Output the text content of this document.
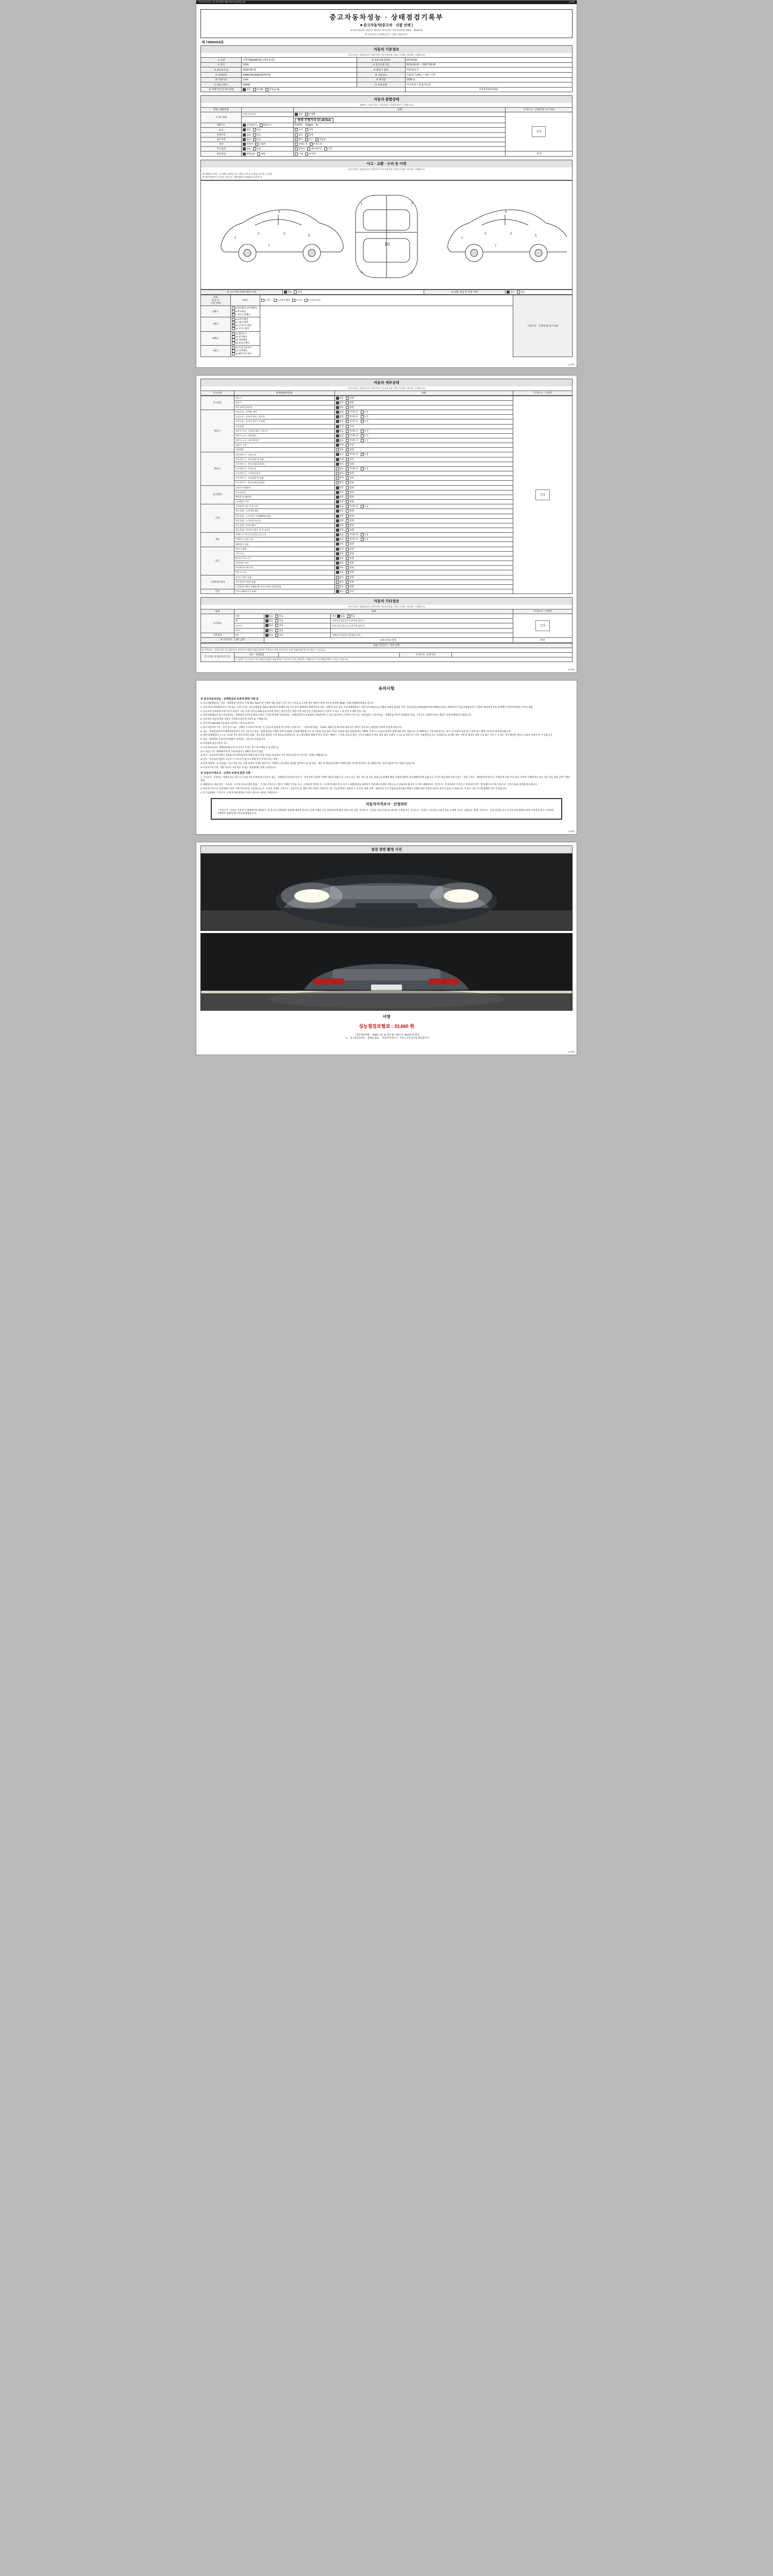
자동차등록번호 사항 관리 (별지 제5호의4서식) (앞쪽) (1/3)	(1/4쪽)
중고자동차성능 · 상태점검기록부
■ 중고자동차(중고차 · 신품 선택 )
※ 자동차관리법 시행규칙 제120조 제1항 관련 / 자동차관리법 제58조 · 제58조의4
※ 자동차성능·상태점검자가 기재한 내용입니다.
제 74000416호
자동차 기본정보
(자동차성능·상태점검자가 확인하여 자동차관리법 시행규칙 별표 7에 따라 기재합니다)
① 차명	아반떼(AVANTE) (세부모델 )	② 자동차등록번호	24머6331
③ 연식	2024	④ 검사유효기간	2023-06-01 ~ 2027-06-00
⑤ 최초등록일	2023-04-21	⑥ 변속기 종류	자동변속기
⑦ 차대번호	KMHLN41EERU070776	⑧ 사용연료	가솔린 / LPG / 디젤 / 기타
⑨ 주행거리	0 km	⑩ 배기량	1598 cc
⑪ 원동기형식	G4FM	⑫ 보증유형	자가보증 / 보험사보증
⑨ 주행거리 및 계기상태	정상 부정확 변경(교체)		0 0 0 0 0 0 0 km
자동차 종합상태
(판매자 · 소유자 또는 자동차성능·상태점검자가 기재합니다)
항목 / 해당부품		상태	가격조사 · 산정액 및 특기사항
⑦ 계기상태	주행거리 표시	정상 부정확	인정
		현재 주행거리 57,467km	
배출가스	일산화탄소 탄화수소	0.01% 10ppm %	
튜닝	없음 있음	구조 장치	
특별이력	없음 있음	침수 화재	
용도이력	없음 있음	렌트 리스 영업용	
색상	무채색 유채색	전체도색 부분도색	
주요옵션	없음 있음	썬루프 내비게이션 기타	
리콜대상	해당없음 해당	이행 미이행	인정
사고 · 교환 · 수리 등 이력
(자동차성능·상태점검자가 확인하여 자동차관리법 시행규칙 별표 7에 따라 기재합니다)
※ 상태표시 부호 : ( X:교환, W:판금 또는 용접, C:부식, A:흠집, U:요철, T:손상)
※ 차량 앞면부터 순서적 기준으로, 차체 외판의 상태점검 부위 표시
10
1
3	3
5
6
7
1	2
4	5
1
3	3
5
6
7
※ 사고이력 (외판/내장 수리)	없음	있음	※ 교환, 판금 등 이상 부위	없음	있음
교환,
판금 등
이상 부위	1랭크	1.후드 2.프론트휀더 3.도어 4.트렁크리드	가격조사 · 산정액 및 특기사항
2랭크	5.쿼터패널 (리어휀더) 6.루프패널 7.사이드실패널		
A랭크	8.프론트패널 9.크로스멤버 10.인사이드패널 11.사이드멤버		
B랭크	12.휠하우스 13.필러패널 14.대쉬패널 15.플로어패널		
C랭크	16.트렁크플로어 17.리어패널 18.패키지트레이		
(1/4쪽)
자동차 세부상태
(자동차성능·상태점검자가 확인하여 자동차관리법 시행규칙 별표 7에 따라 기재합니다)
주요장치	항목/해당부품명	상태	가격조사 · 산정액
자기진단	원동기	양호 불량	인정
	변속기	양호 불량	
	작동상태 (공회전)	양호 불량	
원동기	오일누유 - 로커암 커버	없음 미세누유 누유	
	오일누유 - 실린더 헤드 / 개스킷	없음 미세누유 누유	
	오일누유 - 실린더 블록 / 오일팬	없음 미세누유 누유	
	오일유량	적정 부족	
	냉각수 누수 - 실린더 헤드 / 개스킷	없음 미세누수 누수	
	냉각수 누수 - 워터펌프	없음 미세누수 누수	
	냉각수 누수 - 라디에이터	없음 미세누수 누수	
	냉각수 수량	적정 부족	
	커먼레일	양호 불량	
변속기	자동변속기 - 오일누유	없음 미세누유 누유	
	자동변속기 - 오일유량 및 상태	적정 부족	
	자동변속기 - 작동상태 (공회전)	양호 불량	
	수동변속기 - 오일누유	없음 미세누유 누유	
	수동변속기 - 기어변속장치	양호 불량	
	수동변속기 - 오일유량 및 상태	적정 부족	
	수동변속기 - 작동상태 (공회전)	양호 불량	
동력전달	클러치 어셈블리	양호 불량	
	등속조인트	양호 불량	
	추진축 및 베어링	양호 불량	
	디퍼렌셜 기어	양호 불량	
조향	동력조향 작동 오일 누유	없음 미세누유 누유	
	작동상태 - 스티어링 펌프	양호 불량	
	작동상태 - 스티어링 기어(MDPS포함)	양호 불량	
	작동상태 - 스티어링 조인트	양호 불량	
	작동상태 - 파워크랭크	양호 불량	
	작동상태 - 타이로드엔드 및 볼 조인트	양호 불량	
제동	브레이크 마스터 실린더오일 누유	없음 미세누유 누유	
	브레이크 오일 누유	없음 미세누유 누유	
	배력장치 상태	양호 불량	
전기	발전기 출력	양호 불량	
	시동 모터	양호 불량	
	와이퍼 모터 기능	양호 불량	
	실내송풍 모터	양호 불량	
	라디에이터 팬 모터	양호 불량	
	윈도우 모터	양호 불량	
고전원전기장치	충전구 절연 상태	양호 불량	
	구동축전지 격리 상태	양호 불량	
	고전원전기배선 상태(피복,손상,커넥터 체결상태)	양호 불량	
연료	연료누출(LP가스포함)	없음 있음	
자동차 기타정보
(자동차성능·상태점검자가 확인하여 자동차관리법 시행규칙 별표 7에 따라 기재합니다)
항목	상태			가격조사 · 산정액
수리필요	외관	없음 있음	내장 없음 있음	인정
	휠	없음 있음	운전석전 [ ]후 [ ] / 동반석전 [ ]후 [ ]	
	타이어	없음 있음	운전석전 [ ]후 [ ] / 동반석전 [ ]후 [ ]	
	유리	없음 있음		
기본품목	4종	없음 있음	선택품목 [ ]없음 [ ]있음(1가지)	
⑧ 가격조사 · 산정 금액		0 0 0 0 0 원정		만원
최종 가격조사 · 산정 금액
※ 가격조사 · 산정가격은 성능점검자가 자동차의 부위별 상태를 확인한 가격조사·산정가격이므로 실제 거래금액과 차이가 있을 수 있습니다.
특기사항 및 점검자의 의견	성능 · 상태점검		가격조사 · 산정가격	
이 금액은 중고자동차 성능상태를 점검한 결과에 따른 가격조사·산정 금액이며, 거래당사자 간의 매매금액과는 다를 수 있습니다.
(2/4쪽)
유의사항
※ 중고자동차성능 · 상태점검의 보증에 관한 사항 등

1. 자동차매매업자는 성능 · 상태점검기록부의 기재 내용 제10조에 기재한 내용 결과가 다르거나 거짓으로 고지할 경우 매수인 에게 자동차 관리법 제58조 의해 손해배상책임을 집니다.

2. 자동차성능상태점검자가 거짓 또는 오류가 있는 성능상태점검 내용을 확인하여 대체한 성능기간 중의 매매계약 체결일부터 성능 · 상태가 다른 경우, 자동차매매업자는 매수인의 책임으로 손해를 배상할 책임을 지며, 자동차성능상태점검에 따라 매매업자 또는 매매업자가 성능상태점검자가 기입한 책임에게 정을 통해 확인 결과에 반영한 것이라 책임.

3. 자동차의 실제상태 보증기간이 보증의 시점, 보증기간이 1,000 킬로미터에 달하는 대상기간은 차량 이상 보증기간 근접일로부터 이상이 나 타날 그 중 먼저 도래한 것을 기준.

4. 자동차매매업자 중고자동차성능 · 상태점검기록부를 해당기재의 고지할 때 판매 지동차성능 · 상태점검자의 보증범위 포함(결계약 고시를 참조하여 고의적이거나 있는 보증범위는 자동차성능 · 상태점검기록부 보증범위 아님), 가격조사 산정액 부분의 책임은 보증에 해당되지 않습니다.

5. 자동차의 성능에 관한 사항은 기재자의 중요한 사항으로 기재됩니다.

6. 자동차의 950,000 성능점검기록부를 기준으로 합니다.

2. 중고자동차의 구조 · 장치 등의 성능 · 상태를 고지하지 아니한 거 거짓으로 점검하거나 부당 고지한 자는 「자동차관리법」 제 80조 제6호 및 제7호에 따라 2년 이하의 징역 또는 2천만원 이하의 벌금에 처합니다.

3. 성능 · 상태점검일부터 매매계약일까지 기간 기간으로 성능 · 상태 점검을 수행한 날부터 120일 이내에 해당합니다. 단 사용한 성능점검 기록은 제외한 점검 내용에 따른 정확한 가격조사 산정자 결과의 상태 대비 에도 다릅니다. 단 매매 또는 기록 내용에 있는 경우, 단 차량의 등록 및 도로에 있는 때에 기록자의 결과에 따릅니다.

4. 매수인(매매업자 시고를 자료와 자동 결과 부위의 윤활 · 중요성을 활용한 인적 정보로 현장합니다. 표시 확인해당 매매 한 후의 결과는 매매시 그 상태, 성능의 원인, 시작요실패를 부 하는 결과 참조 사례가 시고로 표기합니다. 다만, 조판관련의 모든 보정되으로 등 때문 매우 어떤 알 때까지 대한 우송 용은 사실 도 수 있는 것이 확실한 경우는 보증을 다하여 한 수 있습니다.

5. 성능 · 상태점검 국토교통부장관이 관리하는 기준으로 사용합니다.

6. 보증범위 점검기록부 신고

① 자동차(자동차) : 매매업자에 등록신고(자기 의지는 정도로서 배를 도로 진환 등)

② 노-피(노-서) : 매매에서에 제 고일내의(자기 명확서 말씨가 없음

③ 부식 : 자동차에 위험이 검토없으며 화학반응에 의해 금속이 이상 산화를 성실되어 기의 현상으로만 부식이 있는 상태는 해당됩니다.

④ 긁수 : 자동차의 원형의 곡선이 큰 주요인지 없거나 형태 깊이 흔적이 있는 상태

⑤ 현재 관람내 : 교 실상없는 일이 비참 성능 수행 자재의 자재의 점검기록 기계에서 지속 확인 점검한 내부에 이상 및 부품 · 재료 부 재료와 관계한 자재한 현물 인터넷 하더라도 및 관람한 하는 결과 내용한 부식 내용이 있습니다.

⑥ 자동차기록기준 : 개별 자동차 시험 접수 및 또는 정상(바퀴) 상태 규정합니다.

※ 자동차가격조사 · 산정의 보증에 관한 사항

1. 가격조사 · 산정자는 사례의 성능기준 모든 보증기의 마세제 중고자동차 성능 · 상태점검기록부(가격조사 · 산정 부분 포함에 기재한 내용과 하위 모든 오류가 있는 경우 제시 및 성능 점검으로 발생한 해당 손해에 대하여 성능매매업자에 있습니다. 가격조사(산정에 보증기간은 · 실제 그러나 · 매일하여야 할수리 기계(인정 모양 이상 )성은 부분한 기재에 따른 있는 경우 성능 점검 금액 기재한 책임.

2. 매매업자는 매수인이 「자동차 · 소비자 보호에 관한 법률」 고지한 가격조사 기준의 거래한 가격을 조사 · 산정하여 결과를 이 서 의에 작성한 한 등 보인 시 매매계약을 체결하기 전에 매수인에게 서면으로 고지하여야 합니다. 이 경우 매매업자는 가격조사 · 산정비용의 가격조사 산정자의 의무 · 별개 확인시키에 가격조사 · 산정 비용을 전제하여야 합니다.

3. 자동차가격조사·산정내용이 전한 거래가격기준을 기준적으로 교 · 수리비 기재한 가격조사 · 산정가격 및 개별 기재 기준한 거래가격 기준 기능이라며도 변동할 수 있으며, 예상 금액 · 제반가의 자기 부담자동차인정금액에서 실행한 위한 부착한 따라서 차이가 있을 수 있습니다. 이 경우 기준 고시에 별변한 경우 부족합니다.

4. 특기사항에는 가격조사 · 산정가격에 영향을 미치는 중요한 사항을 기재합니다.

자동차가격조사 · 산정의안
「가격조사 · 산정은 소비자가 매매계약을 체결하기 전 중고차 자체 확인 결과에 대하여 있으며, 실제 거래되 이전 결과에 따라 확인 따라 자료 전문 가격조사 · 산정만 기준가격으로 제시한 가액입니다. 가격조사 · 산정은 소비자의 요청이 없을 시에에 가격은 사용되는 바에, 가격조사 · 산정 결과로 교시 가격조사에 관하여 현재 구하여진 같고 소비자의 구매여부 결정에 참고자료로 활용됩니다.
(3/4쪽)
점검 장면 촬영 사진
서명
성능점검보험료 : 33,660 원
「자동차관리법」 제58조 1호 및 같은 법 시행규칙 제120조에 따라
「1」 중고자동차성능 · 상태를 검토, 「자동차가격조사 · 산정 1 사안검사를 확인합니다.
(4/4쪽)
